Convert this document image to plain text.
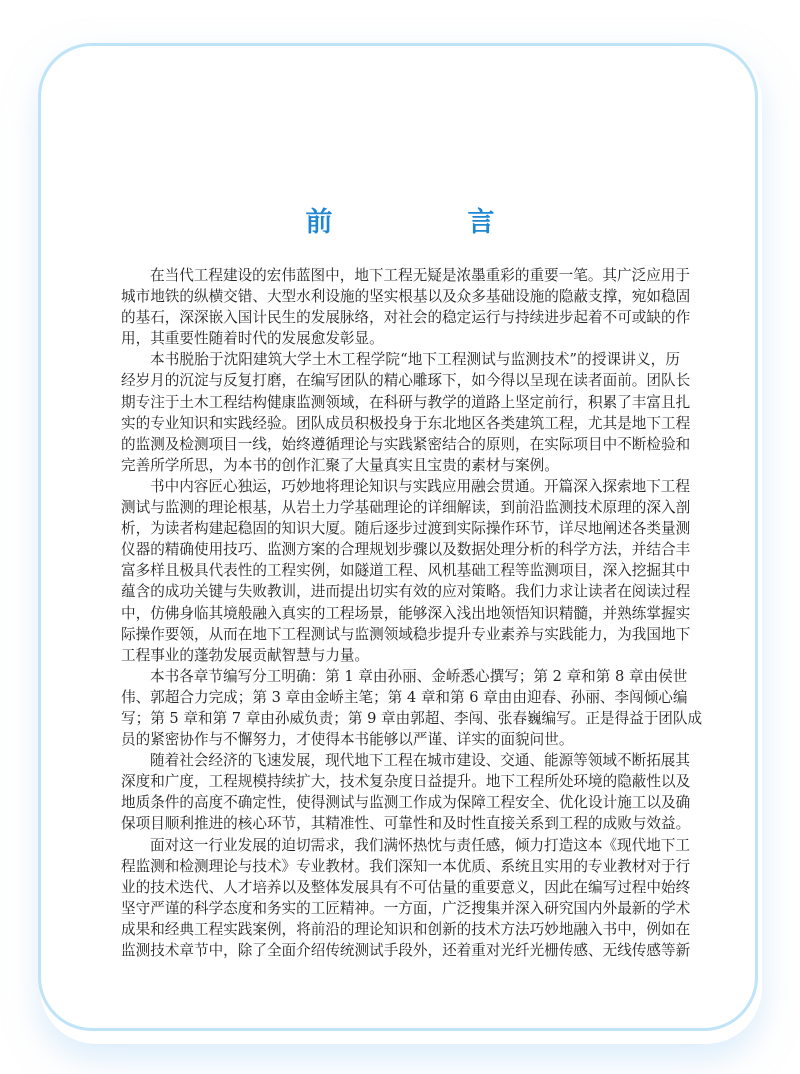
前　言

在当代工程建设的宏伟蓝图中，地下工程无疑是浓墨重彩的重要一笔。其广泛应用于
城市地铁的纵横交错、大型水利设施的坚实根基以及众多基础设施的隐蔽支撑，宛如稳固
的基石，深深嵌入国计民生的发展脉络，对社会的稳定运行与持续进步起着不可或缺的作
用，其重要性随着时代的发展愈发彰显。

本书脱胎于沈阳建筑大学土木工程学院“地下工程测试与监测技术”的授课讲义，历
经岁月的沉淀与反复打磨，在编写团队的精心雕琢下，如今得以呈现在读者面前。团队长
期专注于土木工程结构健康监测领域，在科研与教学的道路上坚定前行，积累了丰富且扎
实的专业知识和实践经验。团队成员积极投身于东北地区各类建筑工程，尤其是地下工程
的监测及检测项目一线，始终遵循理论与实践紧密结合的原则，在实际项目中不断检验和
完善所学所思，为本书的创作汇聚了大量真实且宝贵的素材与案例。

书中内容匠心独运，巧妙地将理论知识与实践应用融会贯通。开篇深入探索地下工程
测试与监测的理论根基，从岩土力学基础理论的详细解读，到前沿监测技术原理的深入剖
析，为读者构建起稳固的知识大厦。随后逐步过渡到实际操作环节，详尽地阐述各类量测
仪器的精确使用技巧、监测方案的合理规划步骤以及数据处理分析的科学方法，并结合丰
富多样且极具代表性的工程实例，如隧道工程、风机基础工程等监测项目，深入挖掘其中
蕴含的成功关键与失败教训，进而提出切实有效的应对策略。我们力求让读者在阅读过程
中，仿佛身临其境般融入真实的工程场景，能够深入浅出地领悟知识精髓，并熟练掌握实
际操作要领，从而在地下工程测试与监测领域稳步提升专业素养与实践能力，为我国地下
工程事业的蓬勃发展贡献智慧与力量。

本书各章节编写分工明确：第 1 章由孙丽、金峤悉心撰写；第 2 章和第 8 章由侯世
伟、郭超合力完成；第 3 章由金峤主笔；第 4 章和第 6 章由由迎春、孙丽、李闯倾心编
写；第 5 章和第 7 章由孙威负责；第 9 章由郭超、李闯、张春巍编写。正是得益于团队成
员的紧密协作与不懈努力，才使得本书能够以严谨、详实的面貌问世。

随着社会经济的飞速发展，现代地下工程在城市建设、交通、能源等领域不断拓展其
深度和广度，工程规模持续扩大，技术复杂度日益提升。地下工程所处环境的隐蔽性以及
地质条件的高度不确定性，使得测试与监测工作成为保障工程安全、优化设计施工以及确
保项目顺利推进的核心环节，其精准性、可靠性和及时性直接关系到工程的成败与效益。

面对这一行业发展的迫切需求，我们满怀热忱与责任感，倾力打造这本《现代地下工
程监测和检测理论与技术》专业教材。我们深知一本优质、系统且实用的专业教材对于行
业的技术迭代、人才培养以及整体发展具有不可估量的重要意义，因此在编写过程中始终
坚守严谨的科学态度和务实的工匠精神。一方面，广泛搜集并深入研究国内外最新的学术
成果和经典工程实践案例，将前沿的理论知识和创新的技术方法巧妙地融入书中，例如在
监测技术章节中，除了全面介绍传统测试手段外，还着重对光纤光栅传感、无线传感等新
